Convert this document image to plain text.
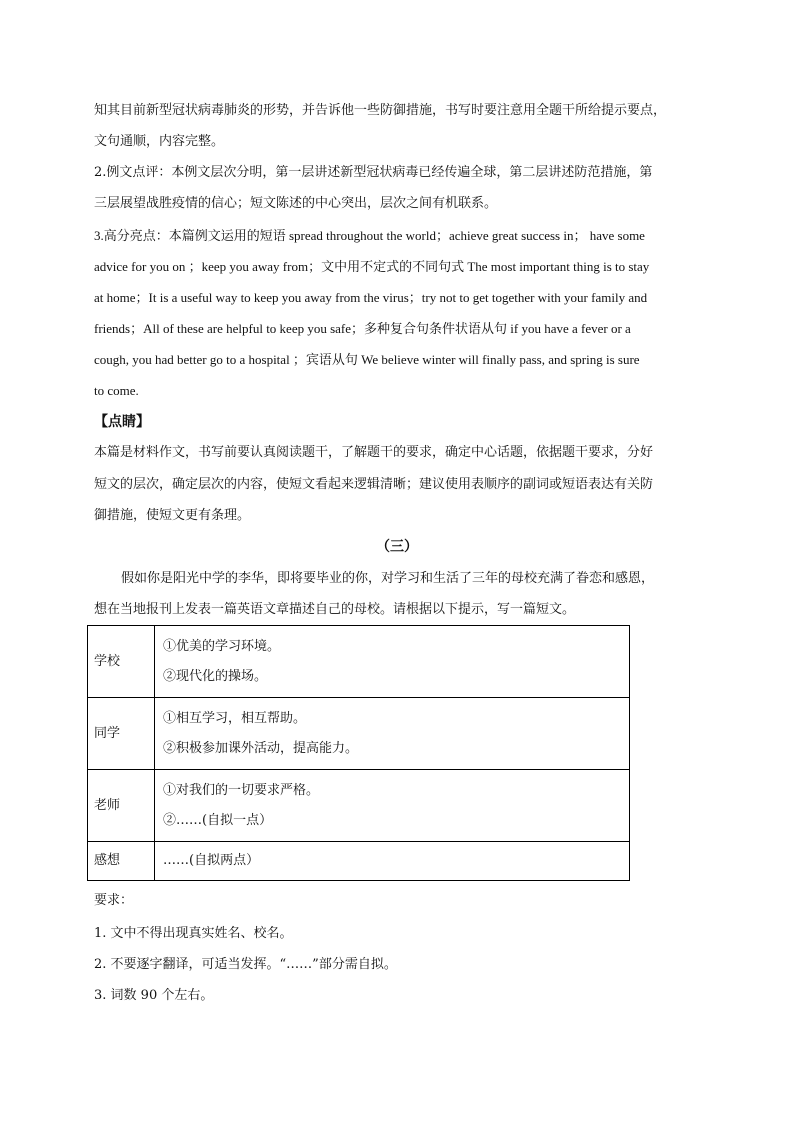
知其目前新型冠状病毒肺炎的形势，并告诉他一些防御措施，书写时要注意用全题干所给提示要点，
文句通顺，内容完整。
2.例文点评：本例文层次分明，第一层讲述新型冠状病毒已经传遍全球，第二层讲述防范措施，第
三层展望战胜疫情的信心；短文陈述的中心突出，层次之间有机联系。
3.高分亮点：本篇例文运用的短语 spread throughout the world；achieve great success in； have some
advice for you on ；keep you away from；文中用不定式的不同句式 The most important thing is to stay
at home；It is a useful way to keep you away from the virus；try not to get together with your family and
friends；All of these are helpful to keep you safe；多种复合句条件状语从句 if you have a fever or a
cough, you had better go to a hospital ；宾语从句 We believe winter will finally pass, and spring is sure
to come.
【点睛】
本篇是材料作文，书写前要认真阅读题干，了解题干的要求，确定中心话题，依据题干要求，分好
短文的层次，确定层次的内容，使短文看起来逻辑清晰；建议使用表顺序的副词或短语表达有关防
御措施，使短文更有条理。
（三）
假如你是阳光中学的李华，即将要毕业的你，对学习和生活了三年的母校充满了眷恋和感恩，
想在当地报刊上发表一篇英语文章描述自己的母校。请根据以下提示，写一篇短文。
学校	①优美的学习环境。
②现代化的操场。

同学	①相互学习，相互帮助。
②积极参加课外活动，提高能力。

老师	①对我们的一切要求严格。
②……(自拟一点）

感想	……(自拟两点）
要求：
1. 文中不得出现真实姓名、校名。
2. 不要逐字翻译，可适当发挥。“……”部分需自拟。
3. 词数 90 个左右。
